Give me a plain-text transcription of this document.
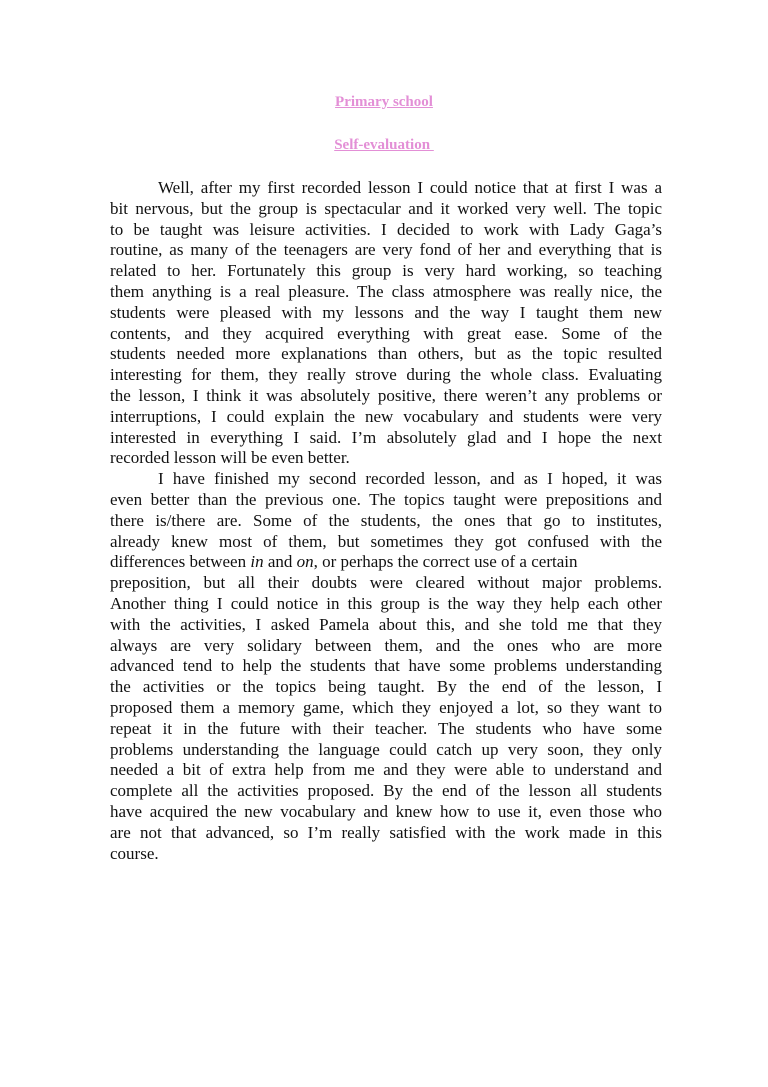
Primary school
Self-evaluation
Well, after my first recorded lesson I could notice that at first I was a
bit nervous, but the group is spectacular and it worked very well. The topic
to be taught was leisure activities. I decided to work with Lady Gaga’s
routine, as many of the teenagers are very fond of her and everything that is
related to her. Fortunately this group is very hard working, so teaching
them anything is a real pleasure. The class atmosphere was really nice, the
students were pleased with my lessons and the way I taught them new
contents, and they acquired everything with great ease. Some of the
students needed more explanations than others, but as the topic resulted
interesting for them, they really strove during the whole class. Evaluating
the lesson, I think it was absolutely positive, there weren’t any problems or
interruptions, I could explain the new vocabulary and students were very
interested in everything I said. I’m absolutely glad and I hope the next
recorded lesson will be even better.
I have finished my second recorded lesson, and as I hoped, it was
even better than the previous one. The topics taught were prepositions and
there is/there are. Some of the students, the ones that go to institutes,
already knew most of them, but sometimes they got confused with the
differences between in and on, or perhaps the correct use of a certain
preposition, but all their doubts were cleared without major problems.
Another thing I could notice in this group is the way they help each other
with the activities, I asked Pamela about this, and she told me that they
always are very solidary between them, and the ones who are more
advanced tend to help the students that have some problems understanding
the activities or the topics being taught. By the end of the lesson, I
proposed them a memory game, which they enjoyed a lot, so they want to
repeat it in the future with their teacher. The students who have some
problems understanding the language could catch up very soon, they only
needed a bit of extra help from me and they were able to understand and
complete all the activities proposed. By the end of the lesson all students
have acquired the new vocabulary and knew how to use it, even those who
are not that advanced, so I’m really satisfied with the work made in this
course.
